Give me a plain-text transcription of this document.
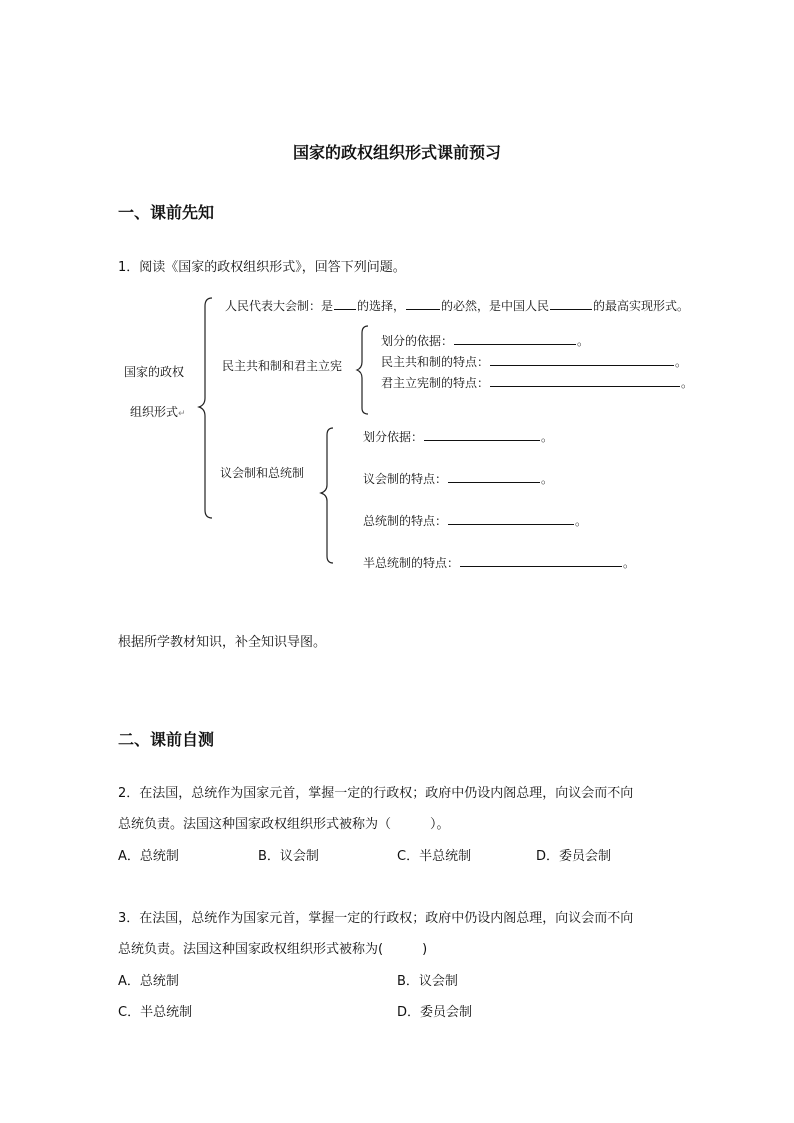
国家的政权组织形式课前预习
一、课前先知
1．阅读《国家的政权组织形式》，回答下列问题。
国家的政权
组织形式↵
人民代表大会制：是 的选择，	的必然，是中国人民	的最高实现形式。
民主共和制和君主立宪
划分的依据：	。
民主共和制的特点：	。
君主立宪制的特点：	。
议会制和总统制
划分依据：	。
议会制的特点：	。
总统制的特点：	。
半总统制的特点：	。
根据所学教材知识，补全知识导图。
二、课前自测
2．在法国，总统作为国家元首，掌握一定的行政权；政府中仍设内阁总理，向议会而不向
总统负责。法国这种国家政权组织形式被称为（　　　）。
A．总统制	B．议会制	C．半总统制	D．委员会制
3．在法国，总统作为国家元首，掌握一定的行政权；政府中仍设内阁总理，向议会而不向
总统负责。法国这种国家政权组织形式被称为(　　　)
A．总统制	B．议会制
C．半总统制	D．委员会制
